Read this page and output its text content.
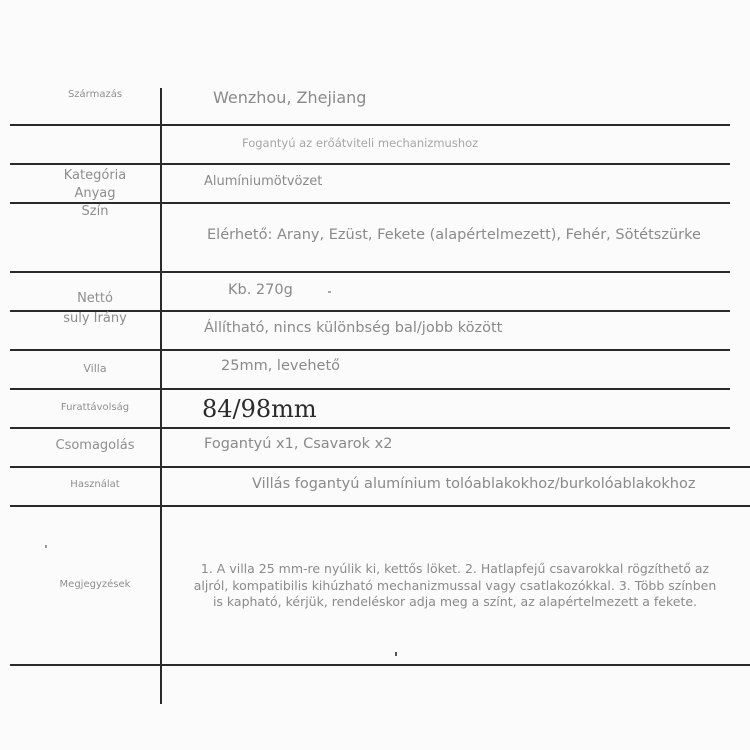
Származás
Kategória
Anyag
Szín
Nettó
suly Irány
Villa
Furattávolság
Csomagolás
Használat
Megjegyzések
Wenzhou, Zhejiang
Fogantyú az erőátviteli mechanizmushoz
Alumíniumötvözet
Elérhető: Arany, Ezüst, Fekete (alapértelmezett), Fehér, Sötétszürke
Kb. 270g
Állítható, nincs különbség bal/jobb között
25mm, levehető
84/98mm
Fogantyú x1, Csavarok x2
Villás fogantyú alumínium tolóablakokhoz/burkolóablakokhoz
1. A villa 25 mm-re nyúlik ki, kettős löket. 2. Hatlapfejű csavarokkal rögzíthető az aljról, kompatibilis kihúzható mechanizmussal vagy csatlakozókkal. 3. Több színben is kapható, kérjük, rendeléskor adja meg a színt, az alapértelmezett a fekete.
